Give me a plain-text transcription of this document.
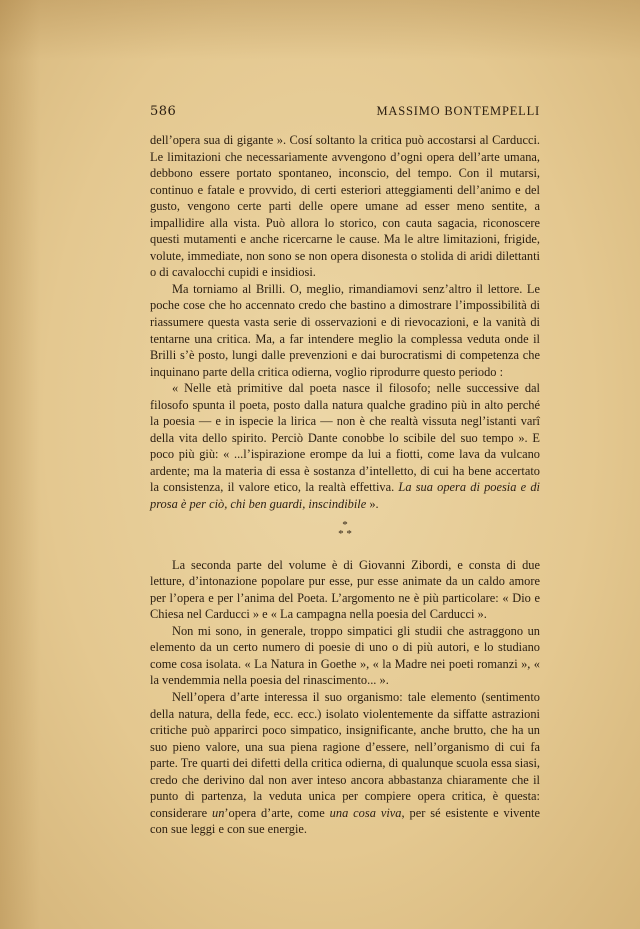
586	MASSIMO BONTEMPELLI

dell’opera sua di gigante ». Cosí soltanto la critica può accostarsi al Carducci. Le limitazioni che necessariamente avvengono d’ogni opera dell’arte umana, debbono essere portato spontaneo, inconscio, del tempo. Con il mutarsi, continuo e fatale e provvido, di certi esteriori atteggiamenti dell’animo e del gusto, vengono certe parti delle opere umane ad esser meno sentite, a impallidire alla vista. Può allora lo storico, con cauta sagacia, riconoscere questi mutamenti e anche ricercarne le cause. Ma le altre limitazioni, frigide, volute, immediate, non sono se non opera disonesta o stolida di aridi dilettanti o di cavalocchi cupidi e insidiosi.

Ma torniamo al Brilli. O, meglio, rimandiamovi senz’altro il lettore. Le poche cose che ho accennato credo che bastino a dimostrare l’impossibilità di riassumere questa vasta serie di osservazioni e di rievocazioni, e la vanità di tentarne una critica. Ma, a far intendere meglio la complessa veduta onde il Brilli s’è posto, lungi dalle prevenzioni e dai burocratismi di competenza che inquinano parte della critica odierna, voglio riprodurre questo periodo :

« Nelle età primitive dal poeta nasce il filosofo; nelle successive dal filosofo spunta il poeta, posto dalla natura qualche gradino più in alto perché la poesia — e in ispecie la lirica — non è che realtà vissuta negl’istanti varî della vita dello spirito. Perciò Dante conobbe lo scibile del suo tempo ». E poco più giù: « ...l’ispirazione erompe da lui a fiotti, come lava da vulcano ardente; ma la materia di essa è sostanza d’intelletto, di cui ha bene accertato la consistenza, il valore etico, la realtà effettiva. La sua opera di poesia e di prosa è per ciò, chi ben guardi, inscindibile ».

*
* *

La seconda parte del volume è di Giovanni Zibordi, e consta di due letture, d’intonazione popolare pur esse, pur esse animate da un caldo amore per l’opera e per l’anima del Poeta. L’argomento ne è più particolare: « Dio e Chiesa nel Carducci » e « La campagna nella poesia del Carducci ».

Non mi sono, in generale, troppo simpatici gli studii che astraggono un elemento da un certo numero di poesie di uno o di più autori, e lo studiano come cosa isolata. « La Natura in Goethe », « la Madre nei poeti romanzi », « la vendemmia nella poesia del rinascimento... ».

Nell’opera d’arte interessa il suo organismo: tale elemento (sentimento della natura, della fede, ecc. ecc.) isolato violentemente da siffatte astrazioni critiche può apparirci poco simpatico, insignificante, anche brutto, che ha un suo pieno valore, una sua piena ragione d’essere, nell’organismo di cui fa parte. Tre quarti dei difetti della critica odierna, di qualunque scuola essa siasi, credo che derivino dal non aver inteso ancora abbastanza chiaramente che il punto di partenza, la veduta unica per compiere opera critica, è questa: considerare un’opera d’arte, come una cosa viva, per sé esistente e vivente con sue leggi e con sue energie.
